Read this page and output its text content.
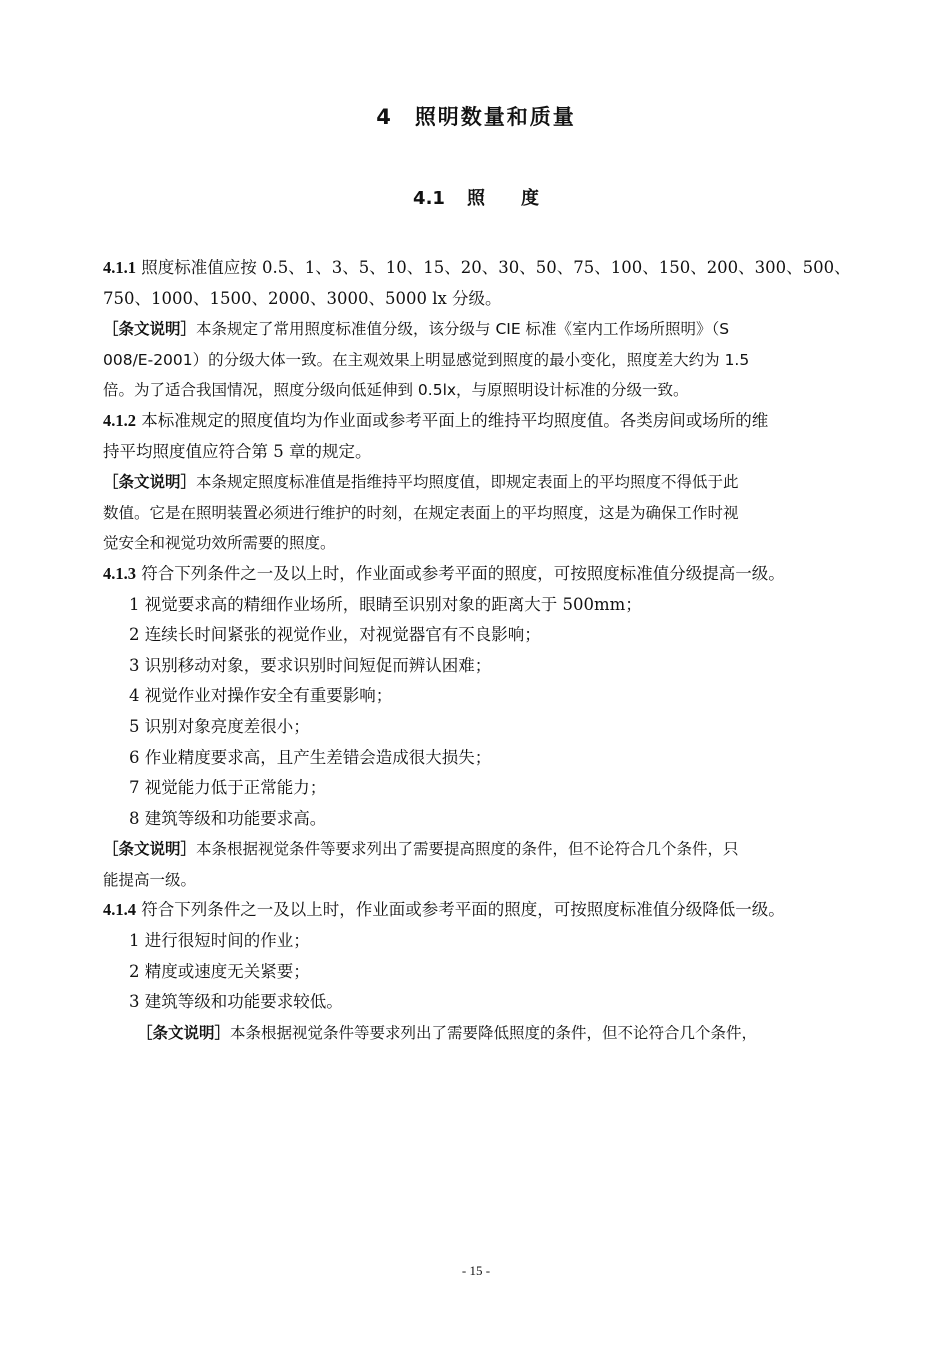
4 照明数量和质量
4.1 照 度
4.1.1 照度标准值应按 0.5、1、3、5、10、15、20、30、50、75、100、150、200、300、500、
750、1000、1500、2000、3000、5000 lx 分级。
［条文说明］本条规定了常用照度标准值分级，该分级与 CIE 标准《室内工作场所照明》（S
008/E-2001）的分级大体一致。在主观效果上明显感觉到照度的最小变化，照度差大约为 1.5
倍。为了适合我国情况，照度分级向低延伸到 0.5lx，与原照明设计标准的分级一致。
4.1.2 本标准规定的照度值均为作业面或参考平面上的维持平均照度值。各类房间或场所的维
持平均照度值应符合第 5 章的规定。
［条文说明］本条规定照度标准值是指维持平均照度值，即规定表面上的平均照度不得低于此
数值。它是在照明装置必须进行维护的时刻，在规定表面上的平均照度，这是为确保工作时视
觉安全和视觉功效所需要的照度。
4.1.3 符合下列条件之一及以上时，作业面或参考平面的照度，可按照度标准值分级提高一级。
1 视觉要求高的精细作业场所，眼睛至识别对象的距离大于 500mm；
2 连续长时间紧张的视觉作业，对视觉器官有不良影响；
3 识别移动对象，要求识别时间短促而辨认困难；
4 视觉作业对操作安全有重要影响；
5 识别对象亮度差很小；
6 作业精度要求高，且产生差错会造成很大损失；
7 视觉能力低于正常能力；
8 建筑等级和功能要求高。
［条文说明］本条根据视觉条件等要求列出了需要提高照度的条件，但不论符合几个条件，只
能提高一级。
4.1.4 符合下列条件之一及以上时，作业面或参考平面的照度，可按照度标准值分级降低一级。
1 进行很短时间的作业；
2 精度或速度无关紧要；
3 建筑等级和功能要求较低。
［条文说明］本条根据视觉条件等要求列出了需要降低照度的条件，但不论符合几个条件，
- 15 -
